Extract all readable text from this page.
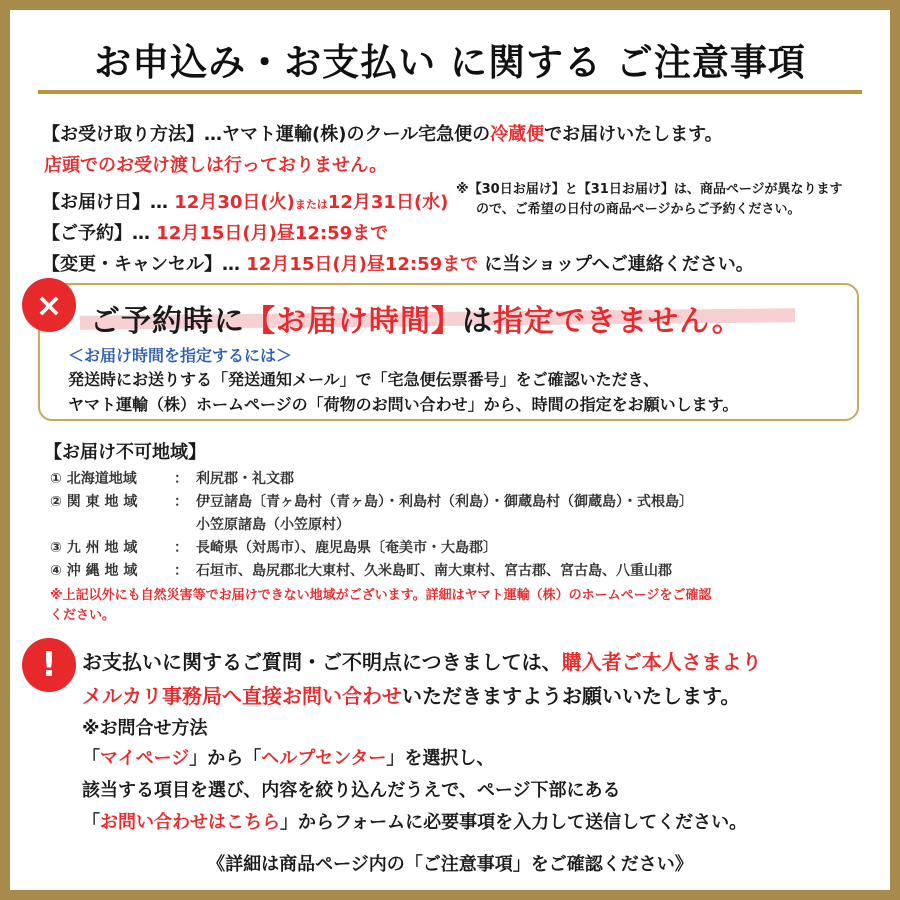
お申込み・お支払い に関する ご注意事項
【お受け取り方法】…ヤマト運輸(株)のクール宅急便の冷蔵便でお届けいたします。
店頭でのお受け渡しは行っておりません。
【お届け日】… 12月30日(火)または12月31日(水)
※【30日お届け】と【31日お届け】は、商品ページが異なります
ので、ご希望の日付の商品ページからご予約ください。
【ご予約】… 12月15日(月)昼12:59まで
【変更・キャンセル】… 12月15日(月)昼12:59まで に当ショップへご連絡ください。
× ご予約時に【お届け時間】は指定できません。
＜お届け時間を指定するには＞
発送時にお送りする「発送通知メール」で「宅急便伝票番号」をご確認いただき、
ヤマト運輸（株）ホームページの「荷物のお問い合わせ」から、時間の指定をお願いします。
【お届け不可地域】
① 北海道地域	： 利尻郡・礼文郡
② 関 東 地 域	： 伊豆諸島〔青ヶ島村（青ヶ島）・利島村（利島）・御蔵島村（御蔵島）・式根島〕
小笠原諸島（小笠原村）
③ 九 州 地 域	： 長崎県（対馬市）、鹿児島県〔奄美市・大島郡〕
④ 沖 縄 地 域	： 石垣市、島尻郡北大東村、久米島町、南大東村、宮古郡、宮古島、八重山郡
※上記以外にも自然災害等でお届けできない地域がございます。詳細はヤマト運輸（株）のホームページをご確認
ください。
!	お支払いに関するご質問・ご不明点につきましては、購入者ご本人さまより
メルカリ事務局へ直接お問い合わせいただきますようお願いいたします。
※お問合せ方法
「マイページ」から「ヘルプセンター」を選択し、
該当する項目を選び、内容を絞り込んだうえで、ページ下部にある
「お問い合わせはこちら」からフォームに必要事項を入力して送信してください。
《詳細は商品ページ内の「ご注意事項」をご確認ください》
